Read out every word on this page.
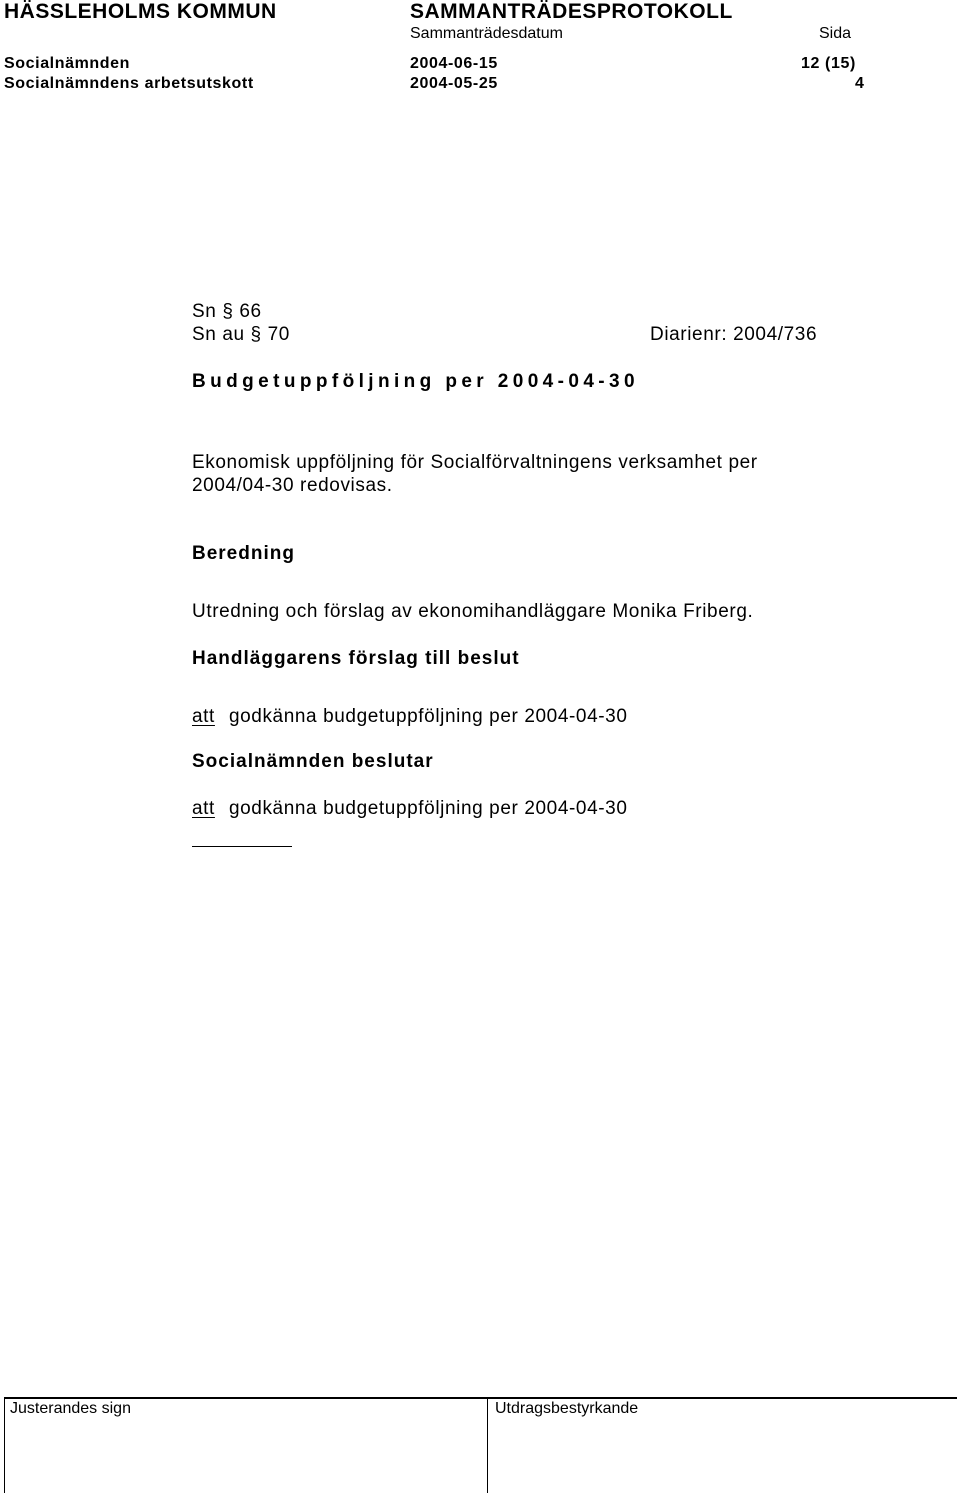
HÄSSLEHOLMS KOMMUN	SAMMANTRÄDESPROTOKOLL
Sammanträdesdatum	Sida
Socialnämnden	2004-06-15	12 (15)
Socialnämndens arbetsutskott	2004-05-25	4
Sn § 66
Sn au § 70	Diarienr: 2004/736
Budgetuppföljning per 2004-04-30
Ekonomisk uppföljning för Socialförvaltningens verksamhet per
2004/04-30 redovisas.
Beredning
Utredning och förslag av ekonomihandläggare Monika Friberg.
Handläggarens förslag till beslut
att godkänna budgetuppföljning per 2004-04-30
Socialnämnden beslutar
att godkänna budgetuppföljning per 2004-04-30
Justerandes sign	Utdragsbestyrkande
